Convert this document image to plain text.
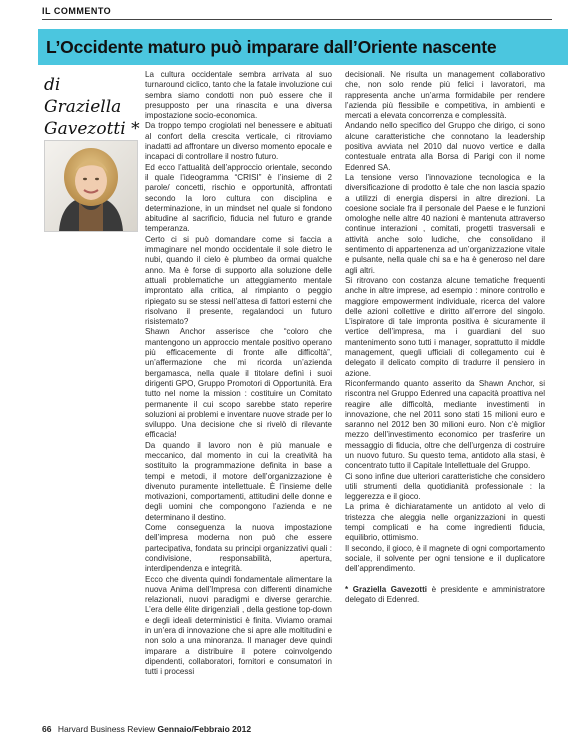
IL COMMENTO
L’Occidente maturo può imparare dall’Oriente nascente
di Graziella
Gavezotti *

La cultura occidentale sembra arrivata al suo turnaround ciclico, tanto che la fatale involuzione cui sembra siamo condotti non può essere che il presupposto per una rinascita e una diversa impostazione socio-economica.

Da troppo tempo crogiolati nel benessere e abituati al confort della crescita verticale, ci ritroviamo inadatti ad affrontare un diverso momento epocale e incapaci di controllare il nostro futuro.

Ed ecco l’attualità dell’approccio orientale, secondo il quale l’ideogramma “CRISI” è l’insieme di 2 parole/ concetti, rischio e opportunità, affrontati secondo la loro cultura con disciplina e determinazione, in un mindset nel quale si fondono abitudine al sacrificio, fiducia nel futuro e grande temperanza.

Certo ci si può domandare come si faccia a immaginare nel mondo occidentale il sole dietro le nubi, quando il cielo è plumbeo da ormai qualche anno. Ma è forse di supporto alla soluzione delle attuali problematiche un atteggiamento mentale improntato alla critica, al rimpianto o peggio ripiegato su se stessi nell’attesa di fattori esterni che risolvano il presente, regalandoci un futuro risistemato?

Shawn Anchor asserisce che “coloro che mantengono un approccio mentale positivo operano più efficacemente di fronte alle difficoltà”, un’affermazione che mi ricorda un’azienda bergamasca, nella quale il titolare definì i suoi dirigenti GPO, Gruppo Promotori di Opportunità. Era tutto nel nome la mission : costituire un Comitato permanente il cui scopo sarebbe stato reperire soluzioni ai problemi e inventare nuove strade per lo sviluppo. Una decisione che si rivelò di rilevante efficacia!

Da quando il lavoro non è più manuale e meccanico, dal momento in cui la creatività ha sostituito la programmazione definita in base a tempi e metodi, il motore dell’organizzazione è divenuto puramente intellettuale. È l’insieme delle motivazioni, comportamenti, attitudini delle donne e degli uomini che compongono l’azienda e ne determinano il destino.

Come conseguenza la nuova impostazione dell’impresa moderna non può che essere partecipativa, fondata su principi organizzativi quali : condivisione, responsabilità, apertura, interdipendenza e integrità.

Ecco che diventa quindi fondamentale alimentare la nuova Anima dell’Impresa con differenti dinamiche relazionali, nuovi paradigmi e diverse gerarchie. L’era delle élite dirigenziali , della gestione top-down e degli ideali deterministici è finita. Viviamo oramai in un’era di innovazione che si apre alle moltitudini e non solo a una minoranza. Il manager deve quindi imparare a distribuire il potere coinvolgendo dipendenti, collaboratori, fornitori e consumatori in tutti i processi

decisionali. Ne risulta un management collaborativo che, non solo rende più felici i lavoratori, ma rappresenta anche un’arma formidabile per rendere l’azienda più flessibile e competitiva, in ambienti e mercati a elevata concorrenza e complessità.

Andando nello specifico del Gruppo che dirigo, ci sono alcune caratteristiche che connotano la leadership positiva avviata nel 2010 dal nuovo vertice e dalla contestuale entrata alla Borsa di Parigi con il nome Edenred SA.

La tensione verso l’innovazione tecnologica e la diversificazione di prodotto è tale che non lascia spazio a utilizzi di energia dispersi in altre direzioni. La coesione sociale fra il personale del Paese e le funzioni omologhe nelle altre 40 nazioni è mantenuta attraverso continue interazioni , comitati, progetti trasversali e attività anche solo ludiche, che consolidano il sentimento di appartenenza ad un’organizzazione vitale e pulsante, nella quale chi sa e ha è generoso nel dare agli altri.

Si ritrovano con costanza alcune tematiche frequenti anche in altre imprese, ad esempio : minore controllo e maggiore empowerment individuale, ricerca del valore delle azioni collettive e diritto all’errore del singolo. L’ispiratore di tale impronta positiva è sicuramente il vertice dell’impresa, ma i guardiani del suo mantenimento sono tutti i manager, soprattutto il middle management, quegli ufficiali di collegamento cui è delegato il delicato compito di tradurre il pensiero in azione.

Riconfermando quanto asserito da Shawn Anchor, si riscontra nel Gruppo Edenred una capacità proattiva nel reagire alle difficoltà, mediante investimenti in innovazione, che nel 2011 sono stati 15 milioni euro e saranno nel 2012 ben 30 milioni euro. Non c’è miglior mezzo dell’investimento economico per trasferire un messaggio di fiducia, oltre che dell’urgenza di costruire un nuovo futuro. Su questo tema, antidoto alla stasi, è concentrato tutto il Capitale Intellettuale del Gruppo.

Ci sono infine due ulteriori caratteristiche che considero utili strumenti della quotidianità professionale : la leggerezza e il gioco.

La prima è dichiaratamente un antidoto al velo di tristezza che aleggia nelle organizzazioni in questi tempi complicati e ha come ingredienti fiducia, equilibrio, ottimismo.

Il secondo, il gioco, è il magnete di ogni comportamento sociale, il solvente per ogni tensione e il duplicatore dell’apprendimento.

* Graziella Gavezotti è presidente e amministratore delegato di Edenred.

66 Harvard Business Review Gennaio/Febbraio 2012
